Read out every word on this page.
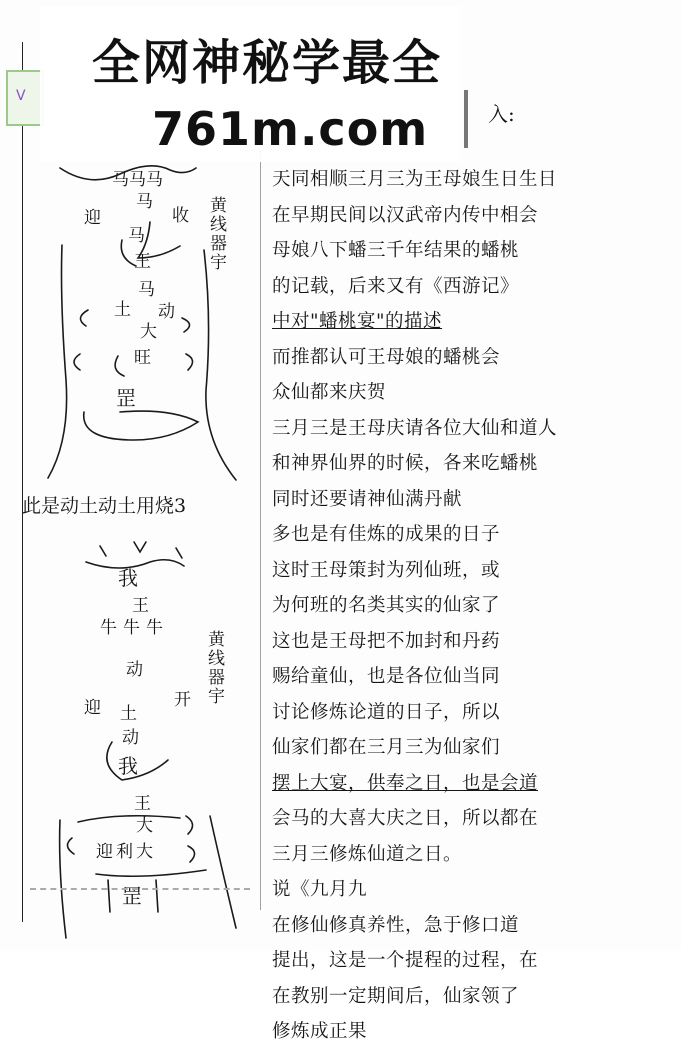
V
马马马
马
迎	收 黄线器宇
马
王
马
土 动
大
旺
罡
此是动土动土用烧3
我
王
牛牛牛
黄线器宇
迎	开
动
土
动
我
王
大
迎利大
罡
天同相顺三月三为王母娘生日生日
在早期民间以汉武帝内传中相会
母娘八下蟠三千年结果的蟠桃
的记载，后来又有《西游记》
中对"蟠桃宴"的描述
而推都认可王母娘的蟠桃会
众仙都来庆贺
三月三是王母庆请各位大仙和道人
和神界仙界的时候，各来吃蟠桃
同时还要请神仙满丹献
多也是有佳炼的成果的日子
这时王母策封为列仙班，或
为何班的名类其实的仙家了
这也是王母把不加封和丹药
赐给童仙，也是各位仙当同
讨论修炼论道的日子，所以
仙家们都在三月三为仙家们
摆上大宴，供奉之日，也是会道
会马的大喜大庆之日，所以都在
三月三修炼仙道之日。
说《九月九
在修仙修真养性，急于修口道
提出，这是一个提程的过程，在
在教别一定期间后，仙家领了
修炼成正果
入:
全网神秘学最全
761m.com
